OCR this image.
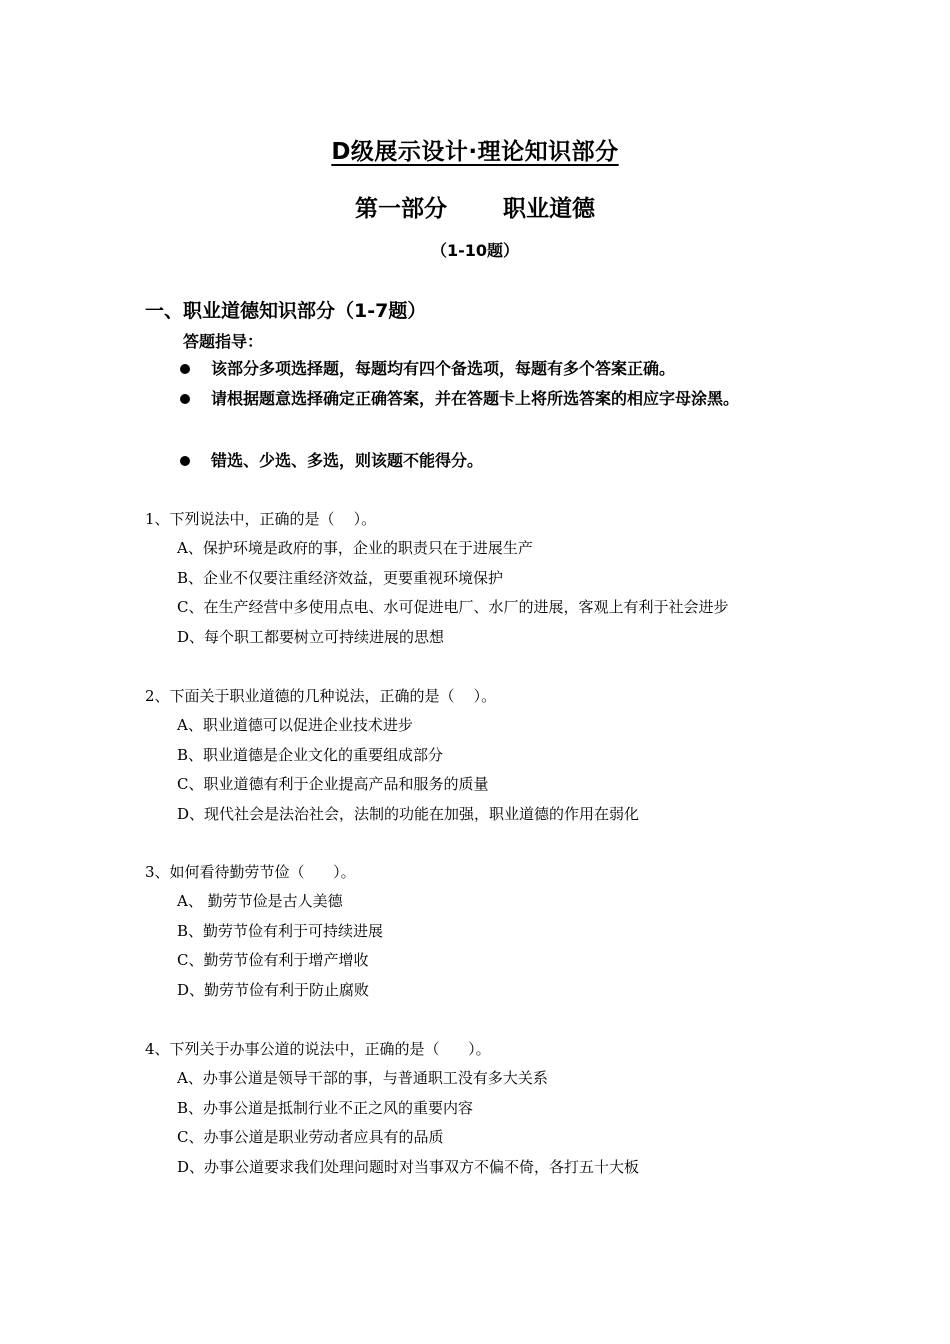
D级展示设计·理论知识部分
第一部分       职业道德
（1-10题）
一、职业道德知识部分（1-7题）
答题指导：
该部分多项选择题，每题均有四个备选项，每题有多个答案正确。
请根据题意选择确定正确答案，并在答题卡上将所选答案的相应字母涂黑。
错选、少选、多选，则该题不能得分。
1、下列说法中，正确的是（    ）。
A、保护环境是政府的事，企业的职责只在于进展生产
B、企业不仅要注重经济效益，更要重视环境保护
C、在生产经营中多使用点电、水可促进电厂、水厂的进展，客观上有利于社会进步
D、每个职工都要树立可持续进展的思想
2、下面关于职业道德的几种说法，正确的是（    ）。
A、职业道德可以促进企业技术进步
B、职业道德是企业文化的重要组成部分
C、职业道德有利于企业提高产品和服务的质量
D、现代社会是法治社会，法制的功能在加强，职业道德的作用在弱化
3、如何看待勤劳节俭（      ）。
A、 勤劳节俭是古人美德
B、勤劳节俭有利于可持续进展
C、勤劳节俭有利于增产增收
D、勤劳节俭有利于防止腐败
4、下列关于办事公道的说法中，正确的是（      ）。
A、办事公道是领导干部的事，与普通职工没有多大关系
B、办事公道是抵制行业不正之风的重要内容
C、办事公道是职业劳动者应具有的品质
D、办事公道要求我们处理问题时对当事双方不偏不倚，各打五十大板
